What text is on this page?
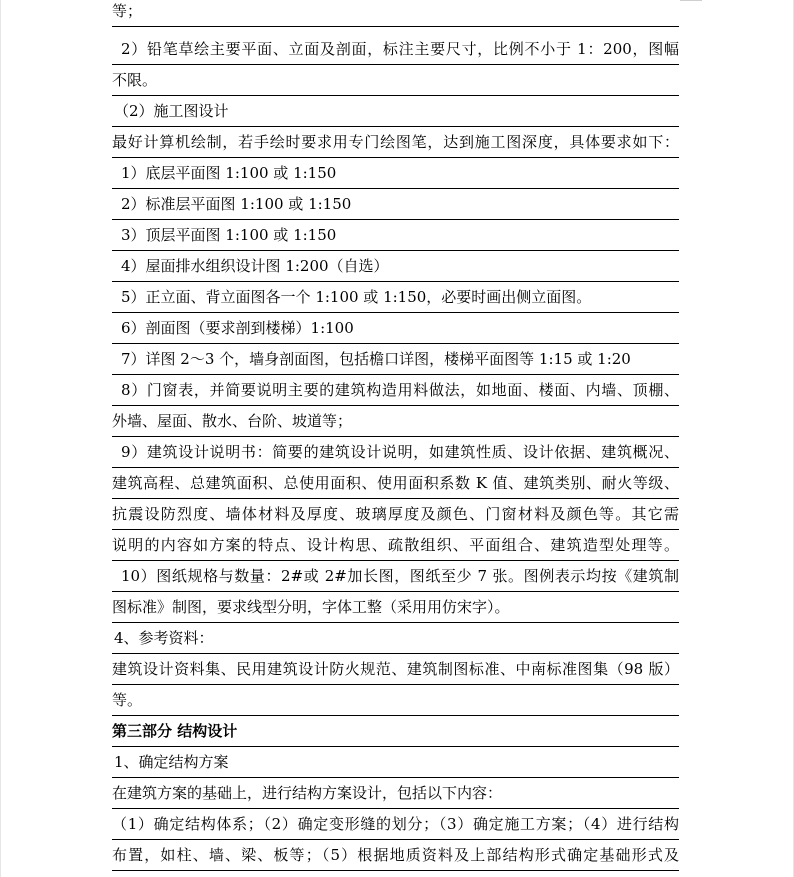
等；
2）铅笔草绘主要平面、立面及剖面，标注主要尺寸，比例不小于 1：200，图幅
不限。
（2）施工图设计
最好计算机绘制，若手绘时要求用专门绘图笔，达到施工图深度，具体要求如下：
1）底层平面图 1:100 或 1:150
2）标准层平面图 1:100 或 1:150
3）顶层平面图 1:100 或 1:150
4）屋面排水组织设计图 1:200（自选）
5）正立面、背立面图各一个 1:100 或 1:150，必要时画出侧立面图。
6）剖面图（要求剖到楼梯）1:100
7）详图 2～3 个，墙身剖面图，包括檐口详图，楼梯平面图等 1:15 或 1:20
8）门窗表，并简要说明主要的建筑构造用料做法，如地面、楼面、内墙、顶棚、
外墙、屋面、散水、台阶、坡道等；
9）建筑设计说明书：简要的建筑设计说明，如建筑性质、设计依据、建筑概况、
建筑高程、总建筑面积、总使用面积、使用面积系数 K 值、建筑类别、耐火等级、
抗震设防烈度、墙体材料及厚度、玻璃厚度及颜色、门窗材料及颜色等。其它需
说明的内容如方案的特点、设计构思、疏散组织、平面组合、建筑造型处理等。
10）图纸规格与数量：2#或 2#加长图，图纸至少 7 张。图例表示均按《建筑制
图标准》制图，要求线型分明，字体工整（采用用仿宋字）。
4、参考资料：
建筑设计资料集、民用建筑设计防火规范、建筑制图标准、中南标准图集（98 版）
等。
第三部分 结构设计
1、确定结构方案
在建筑方案的基础上，进行结构方案设计，包括以下内容：
（1）确定结构体系；（2）确定变形缝的划分；（3）确定施工方案；（4）进行结构
布置，如柱、墙、梁、板等；（5）根据地质资料及上部结构形式确定基础形式及
